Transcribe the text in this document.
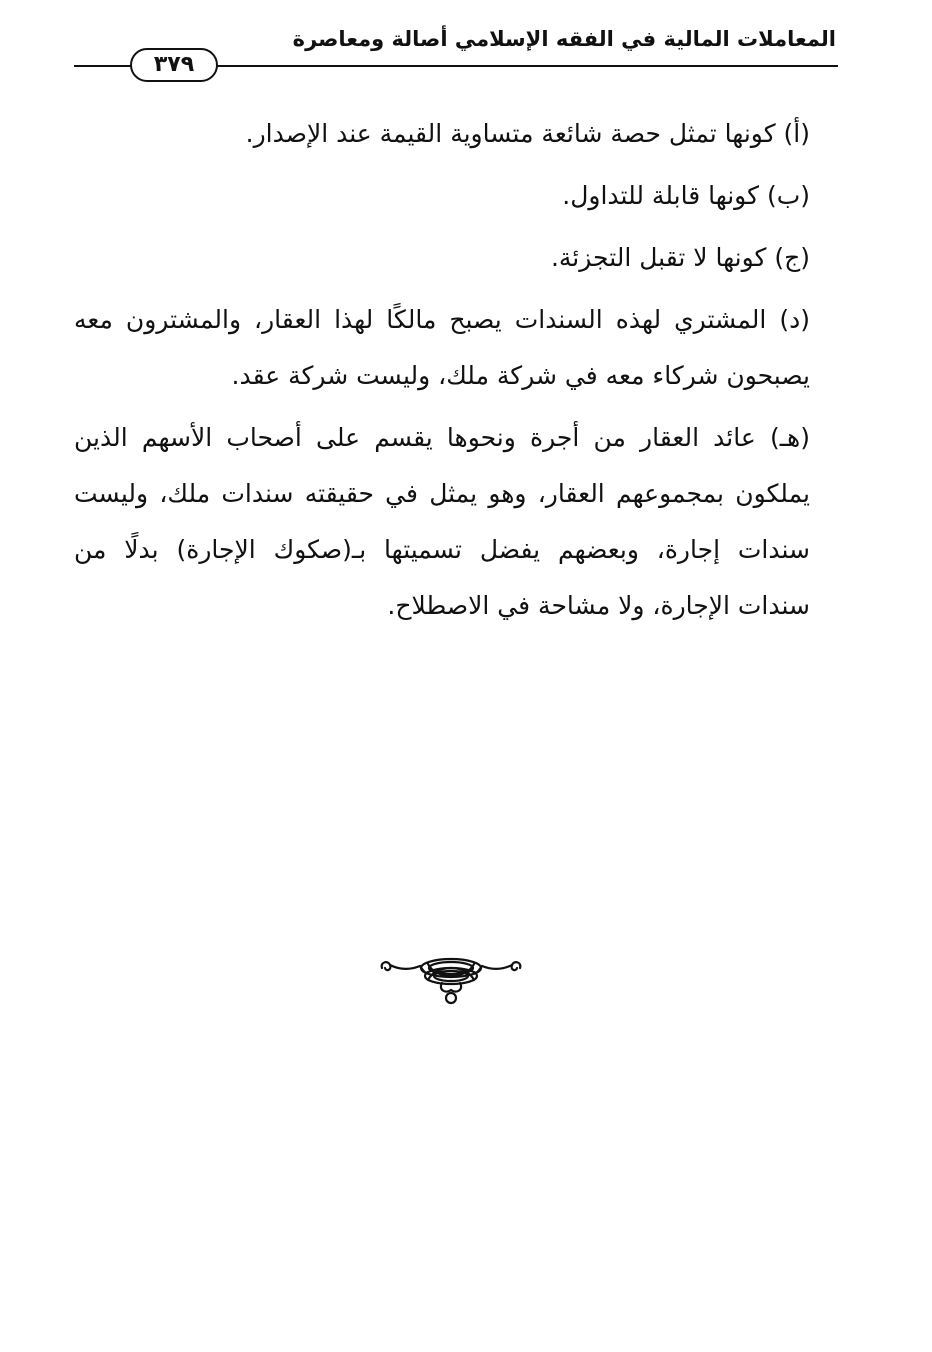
المعاملات المالية في الفقه الإسلامي أصالة ومعاصرة
٣٧٩

(أ) كونها تمثل حصة شائعة متساوية القيمة عند الإصدار.

(ب) كونها قابلة للتداول.

(ج) كونها لا تقبل التجزئة.

(د) المشتري لهذه السندات يصبح مالكًا لهذا العقار، والمشترون معه يصبحون شركاء معه في شركة ملك، وليست شركة عقد.

(هـ) عائد العقار من أجرة ونحوها يقسم على أصحاب الأسهم الذين يملكون بمجموعهم العقار، وهو يمثل في حقيقته سندات ملك، وليست سندات إجارة، وبعضهم يفضل تسميتها بـ(صكوك الإجارة) بدلًا من سندات الإجارة، ولا مشاحة في الاصطلاح.
